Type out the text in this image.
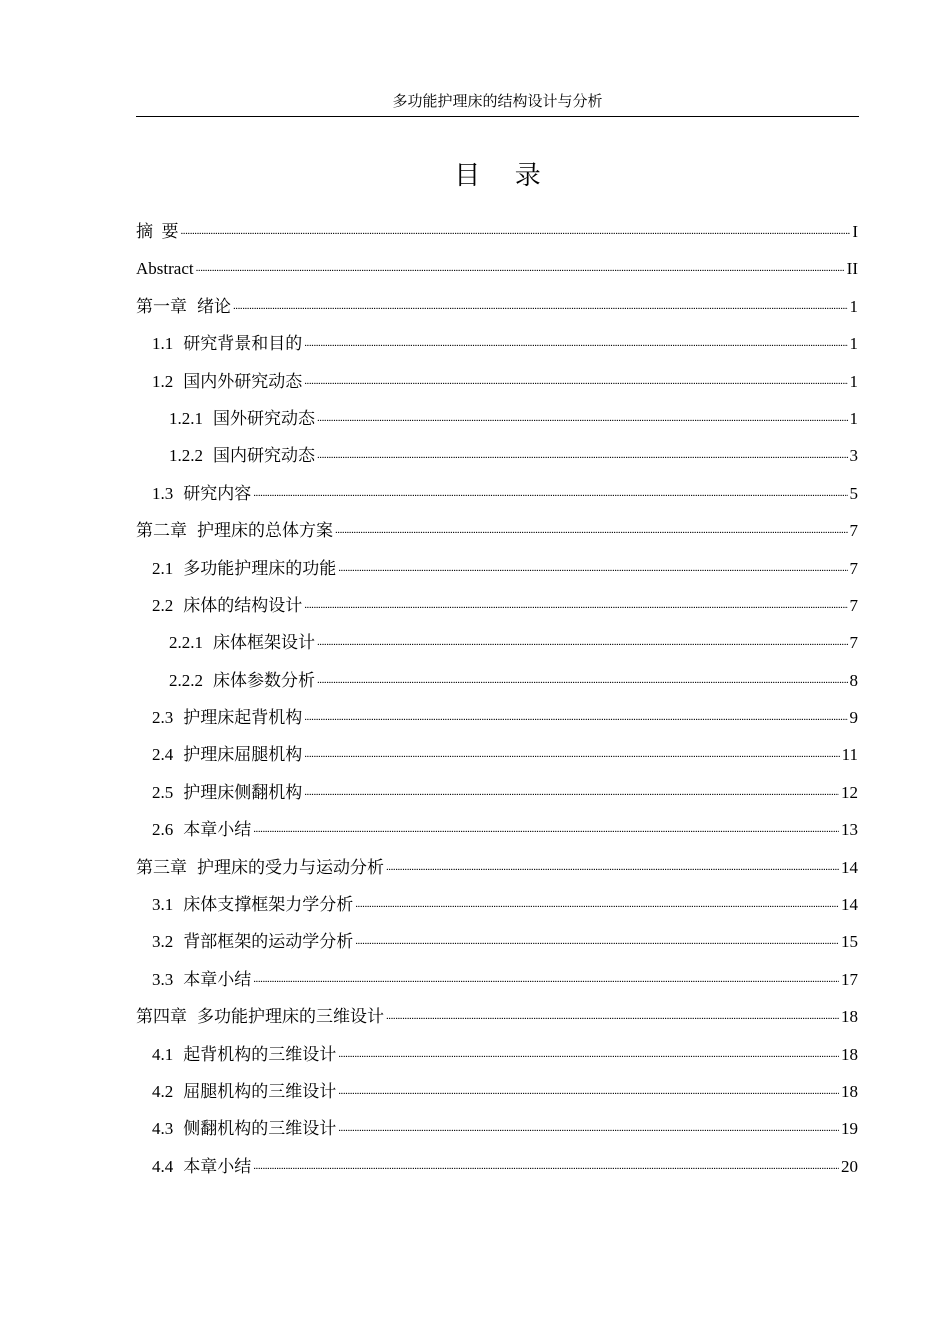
多功能护理床的结构设计与分析
目 录
摘  要 . . .	I
Abstract . . .	II
第一章 绪论 . . .	1
1.1 研究背景和目的 . . .	1
1.2 国内外研究动态 . . .	1
1.2.1 国外研究动态 . . .	1
1.2.2 国内研究动态 . . .	3
1.3 研究内容 . . .	5
第二章 护理床的总体方案 . . .	7
2.1 多功能护理床的功能 . . .	7
2.2 床体的结构设计 . . .	7
2.2.1 床体框架设计 . . .	7
2.2.2 床体参数分析 . . .	8
2.3 护理床起背机构 . . .	9
2.4 护理床屈腿机构 . . .	11
2.5 护理床侧翻机构 . . .	12
2.6 本章小结 . . .	13
第三章 护理床的受力与运动分析 . . .	14
3.1 床体支撑框架力学分析 . . .	14
3.2 背部框架的运动学分析 . . .	15
3.3 本章小结 . . .	17
第四章 多功能护理床的三维设计 . . .	18
4.1 起背机构的三维设计 . . .	18
4.2 屈腿机构的三维设计 . . .	18
4.3 侧翻机构的三维设计 . . .	19
4.4 本章小结 . . .	20
